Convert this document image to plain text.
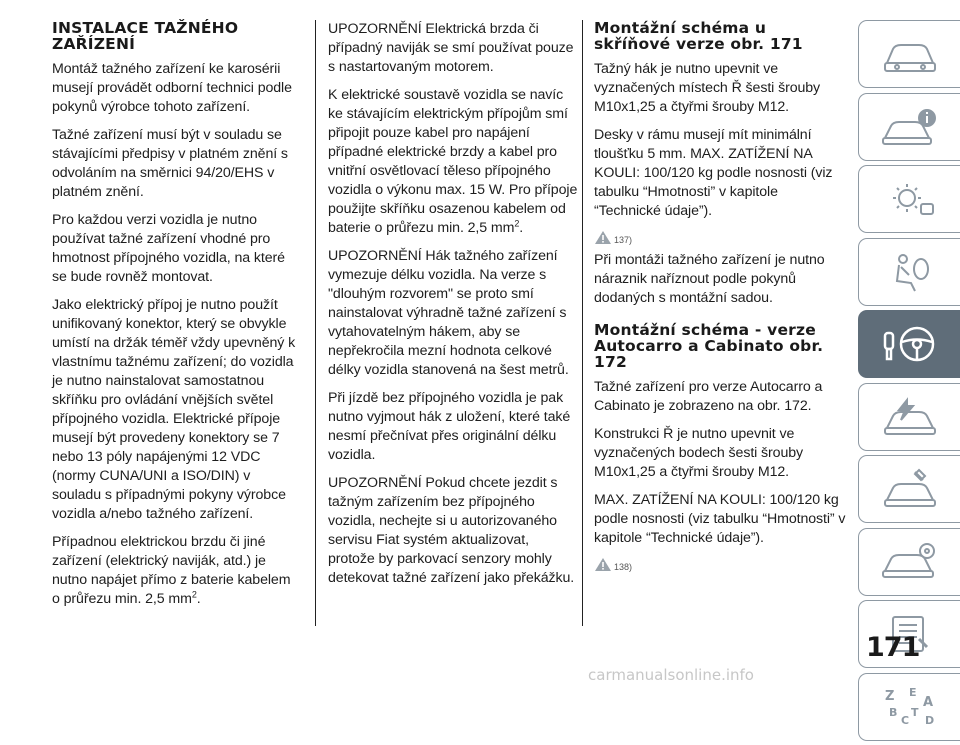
INSTALACE TAŽNÉHO ZAŘÍZENÍ

Montáž tažného zařízení ke karosérii musejí provádět odborní technici podle pokynů výrobce tohoto zařízení.

Tažné zařízení musí být v souladu se stávajícími předpisy v platném znění s odvoláním na směrnici 94/20/EHS v platném znění.

Pro každou verzi vozidla je nutno používat tažné zařízení vhodné pro hmotnost přípojného vozidla, na které se bude rovněž montovat.

Jako elektrický přípoj je nutno použít unifikovaný konektor, který se obvykle umístí na držák téměř vždy upevněný k vlastnímu tažnému zařízení; do vozidla je nutno nainstalovat samostatnou skříňku pro ovládání vnějších světel přípojného vozidla. Elektrické přípoje musejí být provedeny konektory se 7 nebo 13 póly napájenými 12 VDC (normy CUNA/UNI a ISO/DIN) v souladu s případnými pokyny výrobce vozidla a/nebo tažného zařízení.

Případnou elektrickou brzdu či jiné zařízení (elektrický naviják, atd.) je nutno napájet přímo z baterie kabelem o průřezu min. 2,5 $mm^2$.

UPOZORNĚNÍ Elektrická brzda či případný naviják se smí používat pouze s nastartovaným motorem.

K elektrické soustavě vozidla se navíc ke stávajícím elektrickým přípojům smí připojit pouze kabel pro napájení případné elektrické brzdy a kabel pro vnitřní osvětlovací těleso přípojného vozidla o výkonu max. 15 W. Pro přípoje použijte skříňku osazenou kabelem od baterie o průřezu min. 2,5 $mm^2$.

UPOZORNĚNÍ Hák tažného zařízení vymezuje délku vozidla. Na verze s "dlouhým rozvorem" se proto smí nainstalovat výhradně tažné zařízení s vytahovatelným hákem, aby se nepřekročila mezní hodnota celkové délky vozidla stanovená na šest metrů.

Při jízdě bez přípojného vozidla je pak nutno vyjmout hák z uložení, které také nesmí přečnívat přes originální délku vozidla.

UPOZORNĚNÍ Pokud chcete jezdit s tažným zařízením bez přípojného vozidla, nechejte si u autorizovaného servisu Fiat systém aktualizovat, protože by parkovací senzory mohly detekovat tažné zařízení jako překážku.

Montážní schéma u skříňové verze obr. 171

Tažný hák je nutno upevnit ve vyznačených místech Ř šesti šrouby M10x1,25 a čtyřmi šrouby M12.

Desky v rámu musejí mít minimální tloušťku 5 mm. MAX. ZATÍŽENÍ NA KOULI: 100/120 kg podle nosnosti (viz tabulku “Hmotnosti” v kapitole “Technické údaje”).

137)

Při montáži tažného zařízení je nutno náraznik naříznout podle pokynů dodaných s montážní sadou.

Montážní schéma - verze Autocarro a Cabinato obr. 172

Tažné zařízení pro verze Autocarro a Cabinato je zobrazeno na obr. 172.

Konstrukci Ř je nutno upevnit ve vyznačených bodech šesti šrouby M10x1,25 a čtyřmi šrouby M12.

MAX. ZATÍŽENÍ NA KOULI: 100/120 kg podle nosnosti (viz tabulku “Hmotnosti” v kapitole “Technické údaje”).

138)
Z E
A
B
C
T
D
171
carmanualsonline.info
